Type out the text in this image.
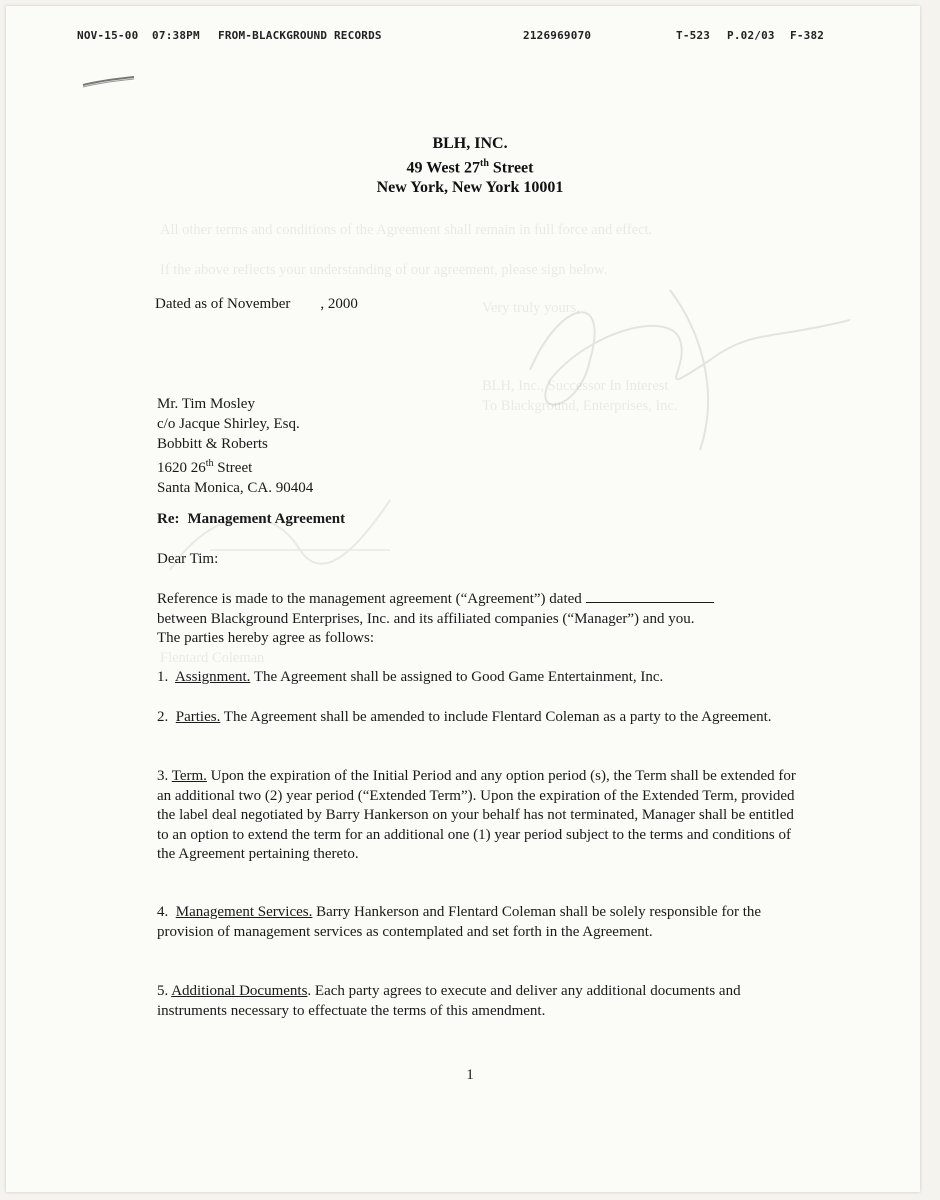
All other terms and conditions of the Agreement shall remain in full force and effect.
If the above reflects your understanding of our agreement, please sign below.
Very truly yours,
BLH, Inc., Successor In Interest
To Blackground, Enterprises, Inc.
Flentard Coleman
NOV-15-00  07:38PM FROM-BLACKGROUND RECORDS	2126969070	T-523 P.02/03 F-382
BLH, INC.
49 West 27th Street
New York, New York 10001
Dated as of November , 2000
Mr. Tim Mosley
c/o Jacque Shirley, Esq.
Bobbitt & Roberts
1620 26th Street
Santa Monica, CA. 90404
Re: Management Agreement
Dear Tim:
Reference is made to the management agreement (“Agreement”) dated
between Blackground Enterprises, Inc. and its affiliated companies (“Manager”) and you.
The parties hereby agree as follows:
1. Assignment. The Agreement shall be assigned to Good Game Entertainment, Inc.
2. Parties. The Agreement shall be amended to include Flentard Coleman as a party to the Agreement.
3. Term. Upon the expiration of the Initial Period and any option period (s), the Term shall be extended for an additional two (2) year period (“Extended Term”). Upon the expiration of the Extended Term, provided the label deal negotiated by Barry Hankerson on your behalf has not terminated, Manager shall be entitled to an option to extend the term for an additional one (1) year period subject to the terms and conditions of the Agreement pertaining thereto.
4. Management Services. Barry Hankerson and Flentard Coleman shall be solely responsible for the provision of management services as contemplated and set forth in the Agreement.
5. Additional Documents. Each party agrees to execute and deliver any additional documents and instruments necessary to effectuate the terms of this amendment.
1
